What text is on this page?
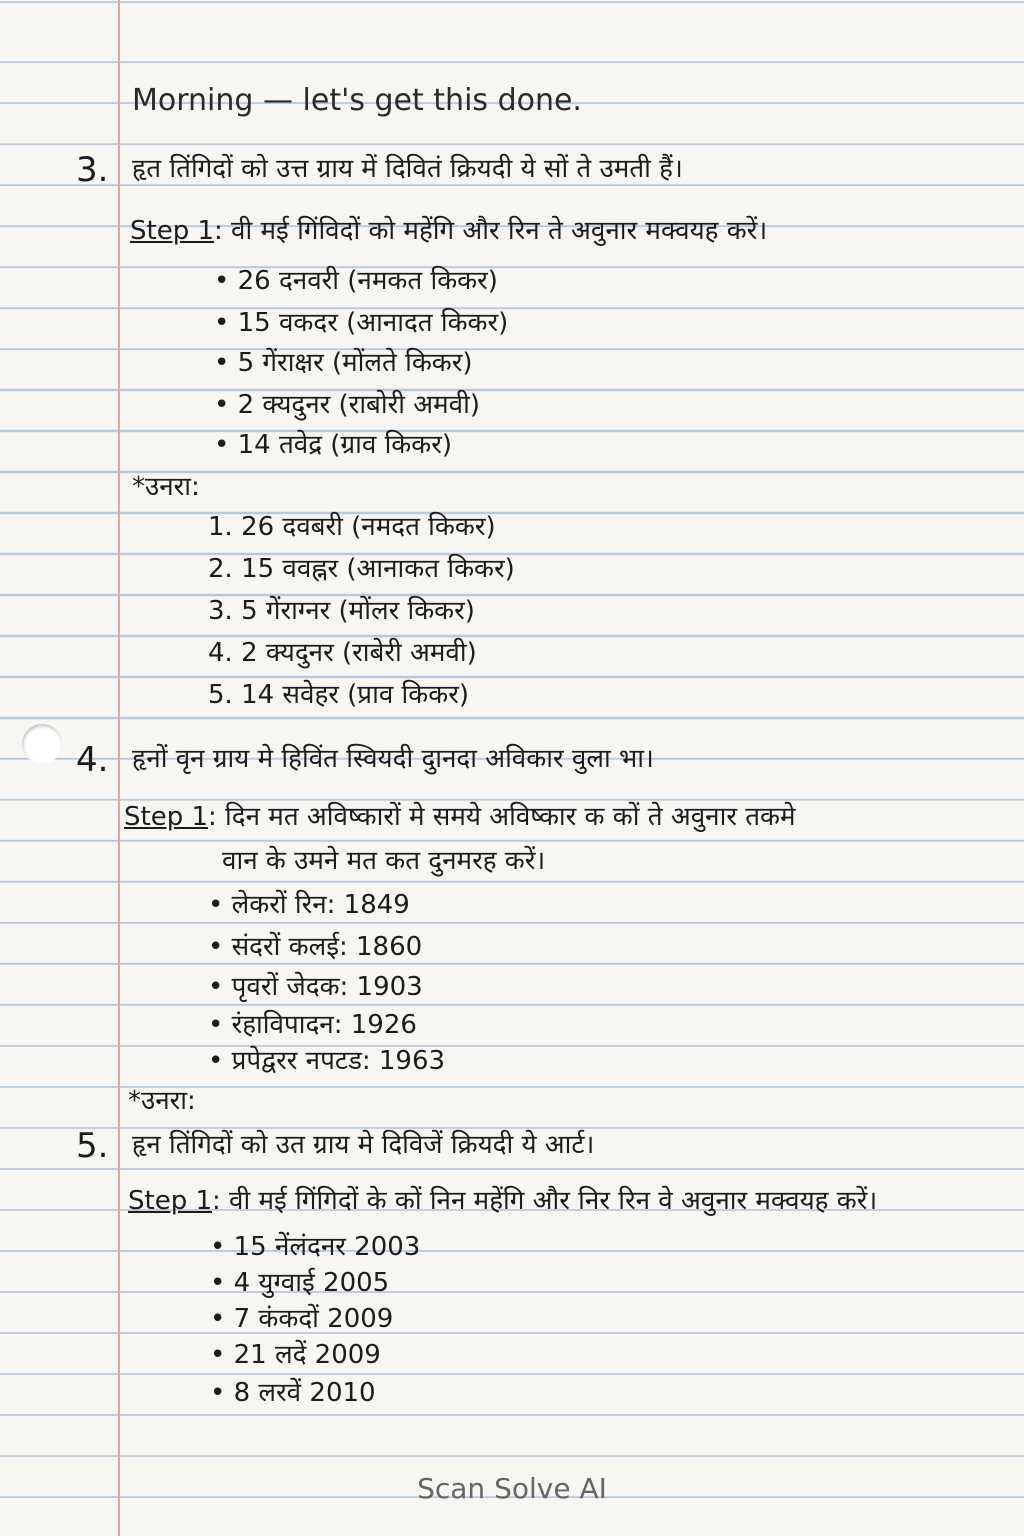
Morning — let's get this done.
3. हृत तिंगिदों को उत्त ग्राय में दिवितं क्रियदी ये सों ते उमती हैं।
Step 1: वी मई गिंविदों को महेंगि और रिन ते अवुनार मक्वयह करें।
• 26 दनवरी (नमकत किकर)
• 15 वकदर (आनादत किकर)
• 5 गेंराक्षर (मोंलते किकर)
• 2 क्यदुनर (राबोरी अमवी)
• 14 तवेद्र (ग्राव किकर)
*उनरा:
1. 26 दवबरी (नमदत किकर)
2. 15 ववह्नर (आनाकत किकर)
3. 5 गेंराग्नर (मोंलर किकर)
4. 2 क्यदुनर (राबेरी अमवी)
5. 14 सवेहर (प्राव किकर)
4. हृनों वृन ग्राय मे हिविंत स्वियदी दुानदा अविकार वुला भा।
Step 1: दिन मत अविष्कारों मे समये अविष्कार क कों ते अवुनार तकमे
वान के उमने मत कत दुनमरह करें।
• लेकरों रिन: 1849
• संदरों कलई: 1860
• पृवरों जेदक: 1903
• रंहाविपादन: 1926
• प्रपेद्वरर नपटड: 1963
*उनरा:
5. हृन तिंगिदों को उत ग्राय मे दिविजें क्रियदी ये आर्ट।
Step 1: वी मई गिंगिदों के कों निन महेंगि और निर रिन वे अवुनार मक्वयह करें।
• 15 नेंलंदनर 2003
• 4 युग्वाई 2005
• 7 कंकदों 2009
• 21 लदें 2009
• 8 लरवें 2010
Scan Solve AI
